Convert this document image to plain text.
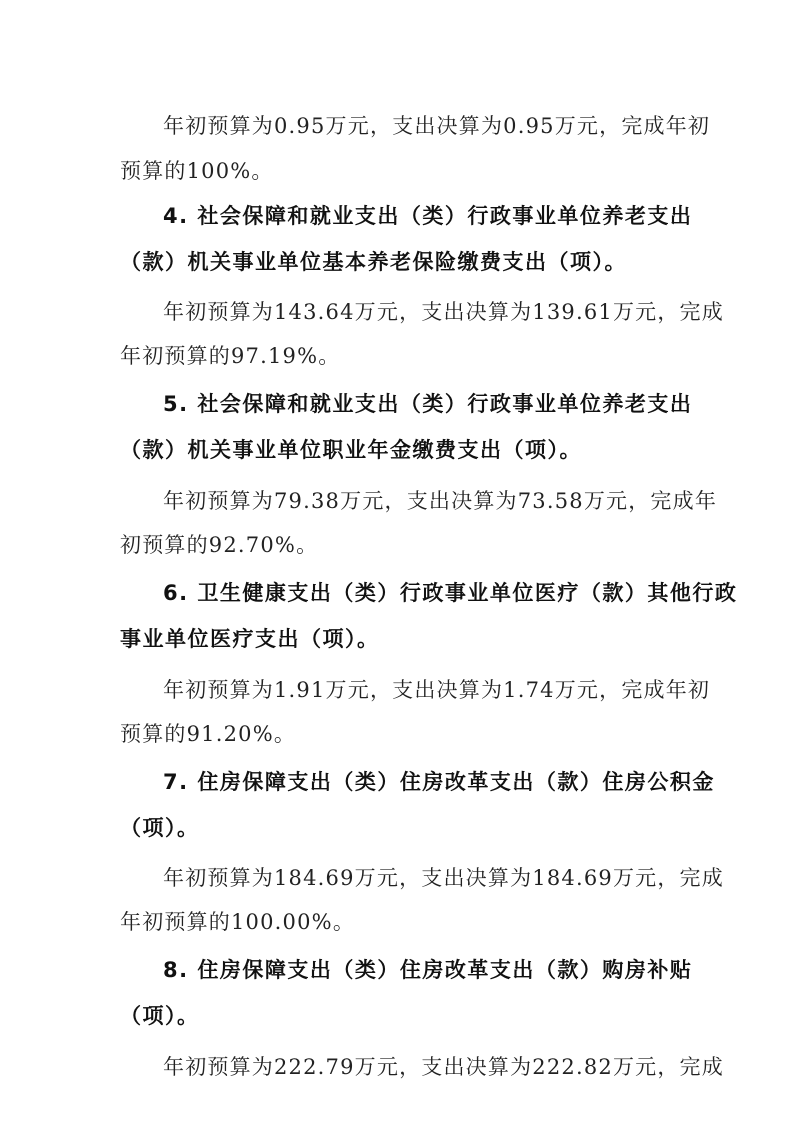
年初预算为0.95万元，支出决算为0.95万元，完成年初
预算的100%。
4. 社会保障和就业支出（类）行政事业单位养老支出
（款）机关事业单位基本养老保险缴费支出（项）。
年初预算为143.64万元，支出决算为139.61万元，完成
年初预算的97.19%。
5. 社会保障和就业支出（类）行政事业单位养老支出
（款）机关事业单位职业年金缴费支出（项）。
年初预算为79.38万元，支出决算为73.58万元，完成年
初预算的92.70%。
6. 卫生健康支出（类）行政事业单位医疗（款）其他行政
事业单位医疗支出（项）。
年初预算为1.91万元，支出决算为1.74万元，完成年初
预算的91.20%。
7. 住房保障支出（类）住房改革支出（款）住房公积金
（项）。
年初预算为184.69万元，支出决算为184.69万元，完成
年初预算的100.00%。
8. 住房保障支出（类）住房改革支出（款）购房补贴
（项）。
年初预算为222.79万元，支出决算为222.82万元，完成
